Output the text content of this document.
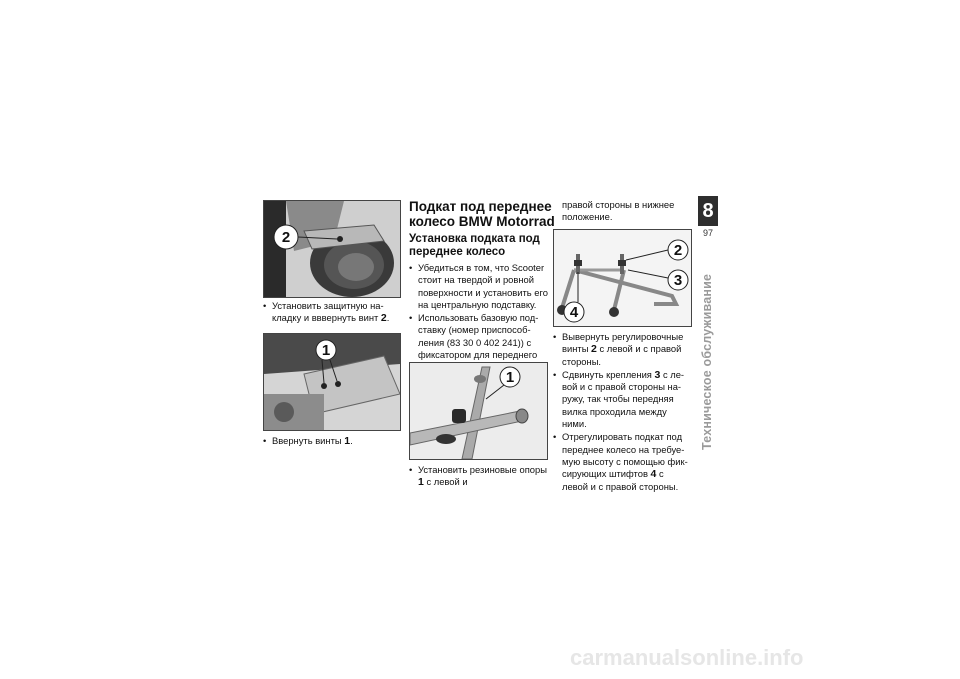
2
• Установить защитную на-кладку и вввернуть винт 2.
1
• Ввернуть винты 1.
Подкат под переднее колесо BMW Motorrad
Установка подката под переднее колесо
• Убедиться в том, что Scooter стоит на твердой и ровной поверхности и установить его на центральную подставку.
• Использовать базовую под-ставку (номер приспособ-ления (83 30 0 402 241)) с фиксатором для переднего
1
• Установить резиновые опоры 1 с левой и
правой стороны в нижнее положение.
2
3
4
• Вывернуть регулировочные винты 2 с левой и с правой стороны.
• Сдвинуть крепления 3 с ле-вой и с правой стороны на-ружу, так чтобы передняя вилка проходила между ними.
• Отрегулировать подкат под переднее колесо на требуе-мую высоту с помощью фик-сирующих штифтов 4 с левой и с правой стороны.
8
97
Техническое обслуживание
carmanualsonline.info
